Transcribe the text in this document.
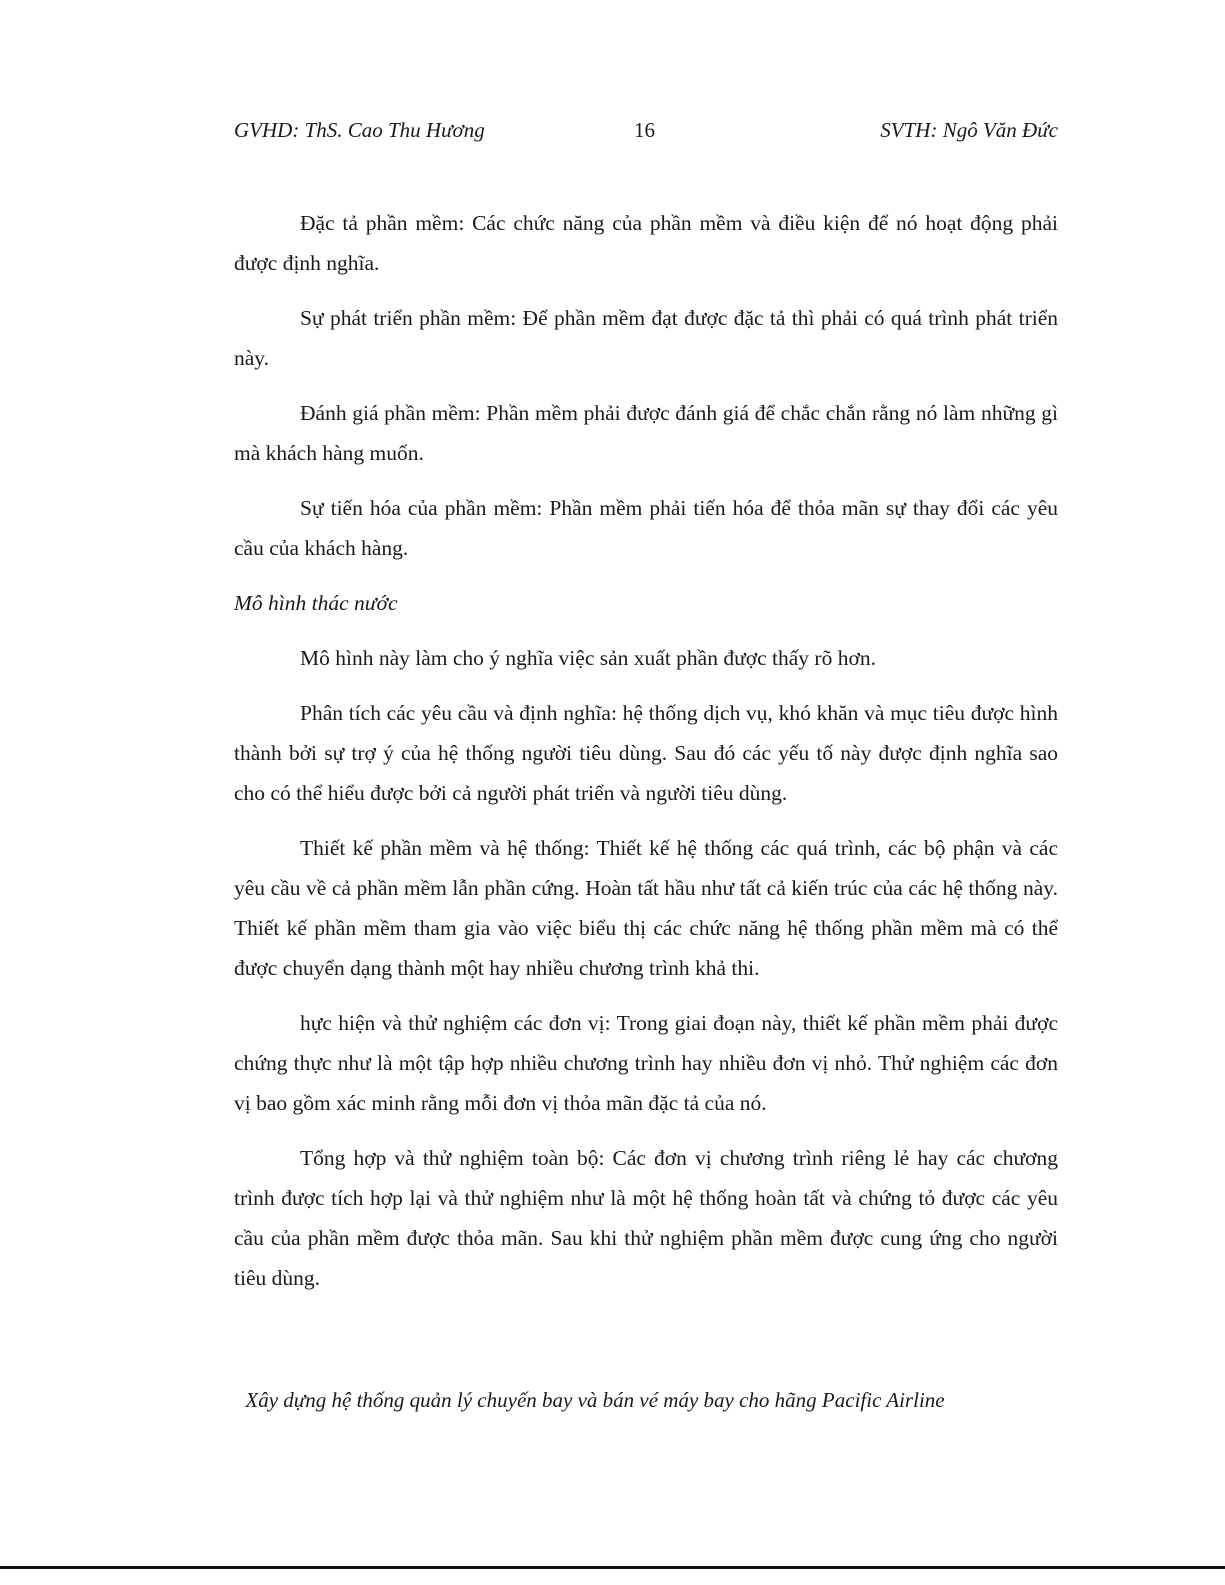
GVHD: ThS. Cao Thu Hương	16	SVTH: Ngô Văn Đức

Đặc tả phần mềm: Các chức năng của phần mềm và điều kiện để nó hoạt động phải được định nghĩa.

Sự phát triển phần mềm: Để phần mềm đạt được đặc tả thì phải có quá trình phát triển này.

Đánh giá phần mềm: Phần mềm phải được đánh giá để chắc chắn rằng nó làm những gì mà khách hàng muốn.

Sự tiến hóa của phần mềm: Phần mềm phải tiến hóa để thỏa mãn sự thay đổi các yêu cầu của khách hàng.

Mô hình thác nước

Mô hình này làm cho ý nghĩa việc sản xuất phần được thấy rõ hơn.

Phân tích các yêu cầu và định nghĩa: hệ thống dịch vụ, khó khăn và mục tiêu được hình thành bởi sự trợ ý của hệ thống người tiêu dùng. Sau đó các yếu tố này được định nghĩa sao cho có thể hiểu được bởi cả người phát triển và người tiêu dùng.

Thiết kế phần mềm và hệ thống: Thiết kế hệ thống các quá trình, các bộ phận và các yêu cầu về cả phần mềm lẫn phần cứng. Hoàn tất hầu như tất cả kiến trúc của các hệ thống này. Thiết kế phần mềm tham gia vào việc biểu thị các chức năng hệ thống phần mềm mà có thể được chuyển dạng thành một hay nhiều chương trình khả thi.

hực hiện và thử nghiệm các đơn vị: Trong giai đoạn này, thiết kế phần mềm phải được chứng thực như là một tập hợp nhiều chương trình hay nhiều đơn vị nhỏ. Thử nghiệm các đơn vị bao gồm xác minh rằng mỗi đơn vị thỏa mãn đặc tả của nó.

Tổng hợp và thử nghiệm toàn bộ: Các đơn vị chương trình riêng lẻ hay các chương trình được tích hợp lại và thử nghiệm như là một hệ thống hoàn tất và chứng tỏ được các yêu cầu của phần mềm được thỏa mãn. Sau khi thử nghiệm phần mềm được cung ứng cho người tiêu dùng.

Xây dựng hệ thống quản lý chuyến bay và bán vé máy bay cho hãng Pacific Airline
